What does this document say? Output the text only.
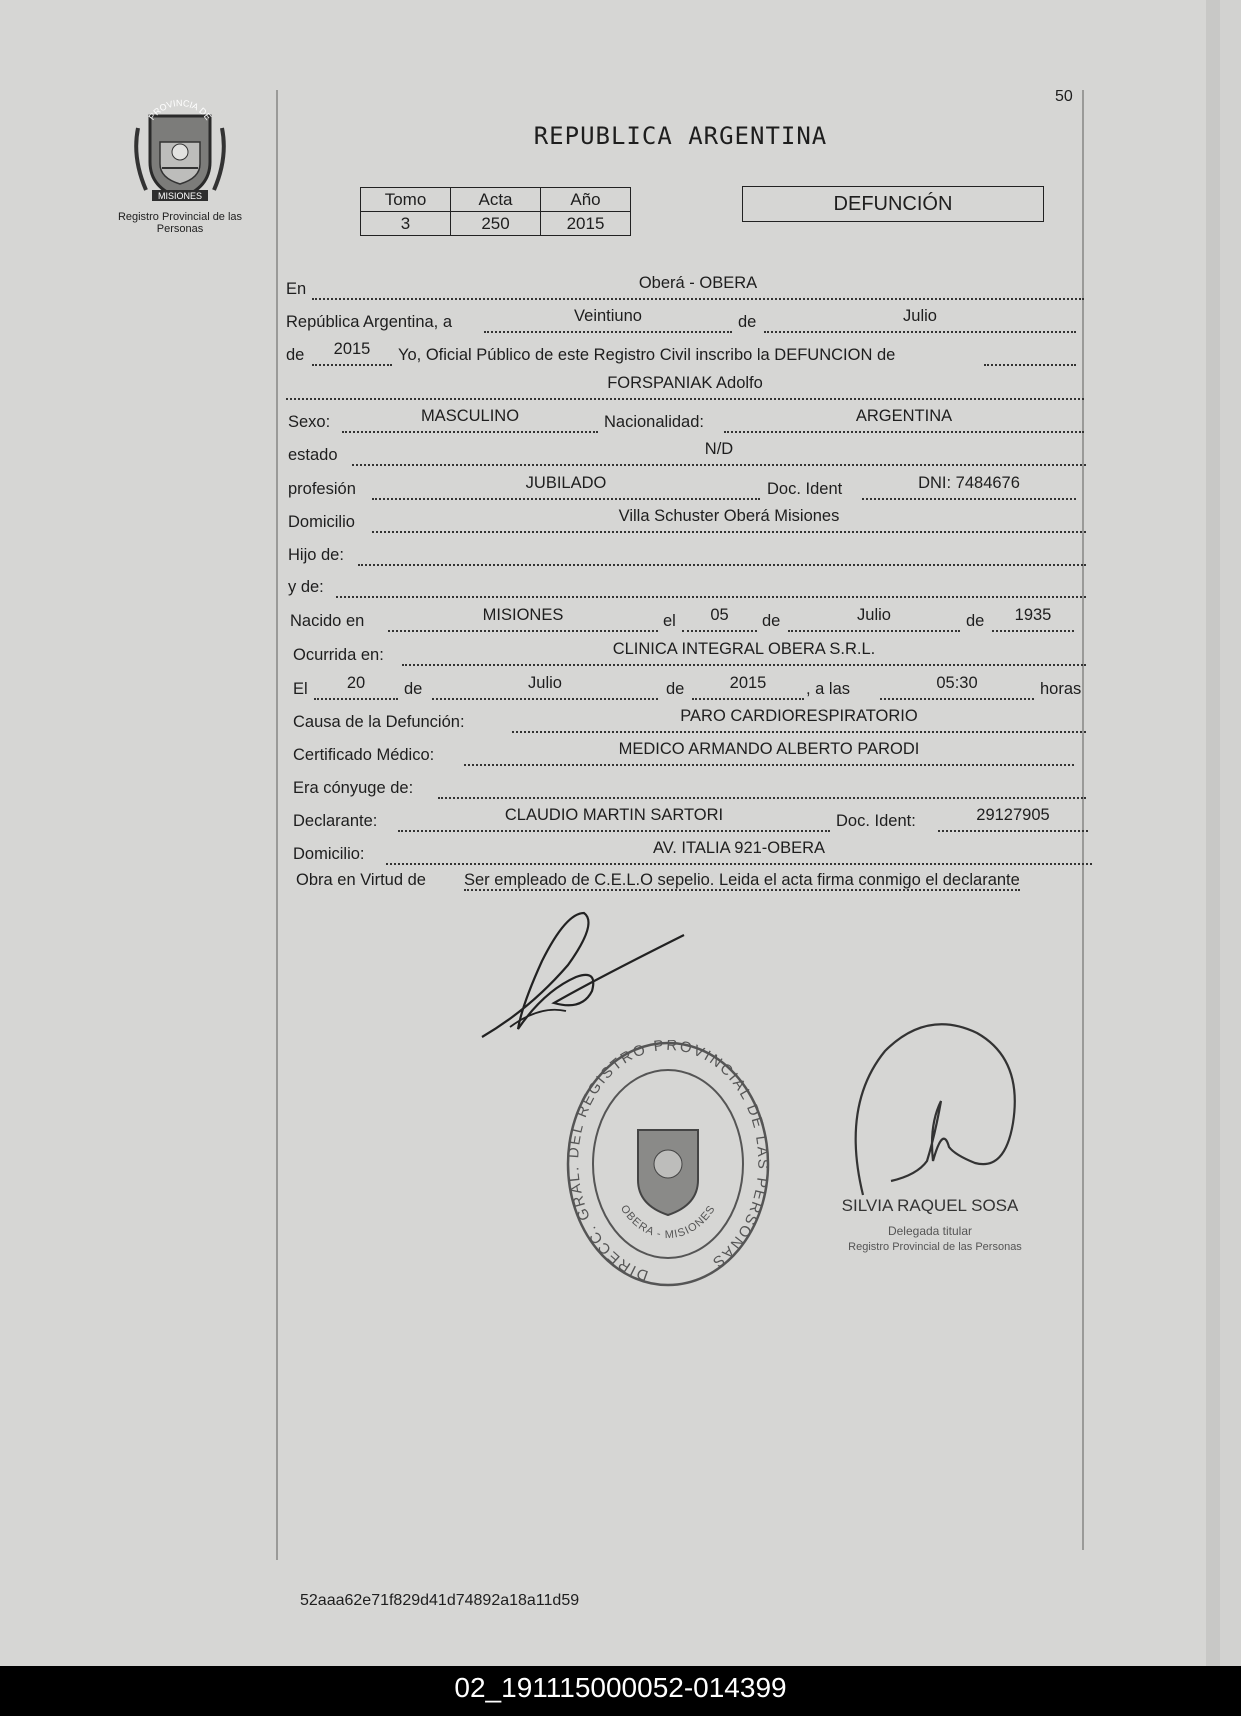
50
PROVINCIA DE
MISIONES
Registro Provincial de las Personas
REPUBLICA ARGENTINA
Tomo	Acta	Año
3	250	2015
DEFUNCIÓN
En	Oberá - OBERA
República Argentina, a	Veintiuno	de	Julio
de	2015	Yo, Oficial Público de este Registro Civil inscribo la DEFUNCION de
FORSPANIAK Adolfo
Sexo:	MASCULINO	Nacionalidad:	ARGENTINA
estado	N/D
profesión	JUBILADO	Doc. Ident	DNI: 7484676
Domicilio	Villa Schuster Oberá Misiones
Hijo de:
y de:
Nacido en	MISIONES	el	05	de	Julio	de	1935
Ocurrida en:	CLINICA INTEGRAL OBERA S.R.L.
El	20	de	Julio	de	2015	, a las	05:30	horas
Causa de la Defunción:	PARO CARDIORESPIRATORIO
Certificado Médico:	MEDICO ARMANDO ALBERTO PARODI
Era cónyuge de:
Declarante:	CLAUDIO MARTIN SARTORI	Doc. Ident:	29127905
Domicilio:	AV. ITALIA 921-OBERA
Obra en Virtud de Ser empleado de C.E.L.O sepelio. Leida el acta firma conmigo el declarante
DIRECC. GRAL. DEL REGISTRO PROVINCIAL DE LAS PERSONAS
OBERA - MISIONES	SILVIA RAQUEL SOSA
Delegada titular
Registro Provincial de las Personas
52aaa62e71f829d41d74892a18a11d59
02_191115000052-014399
